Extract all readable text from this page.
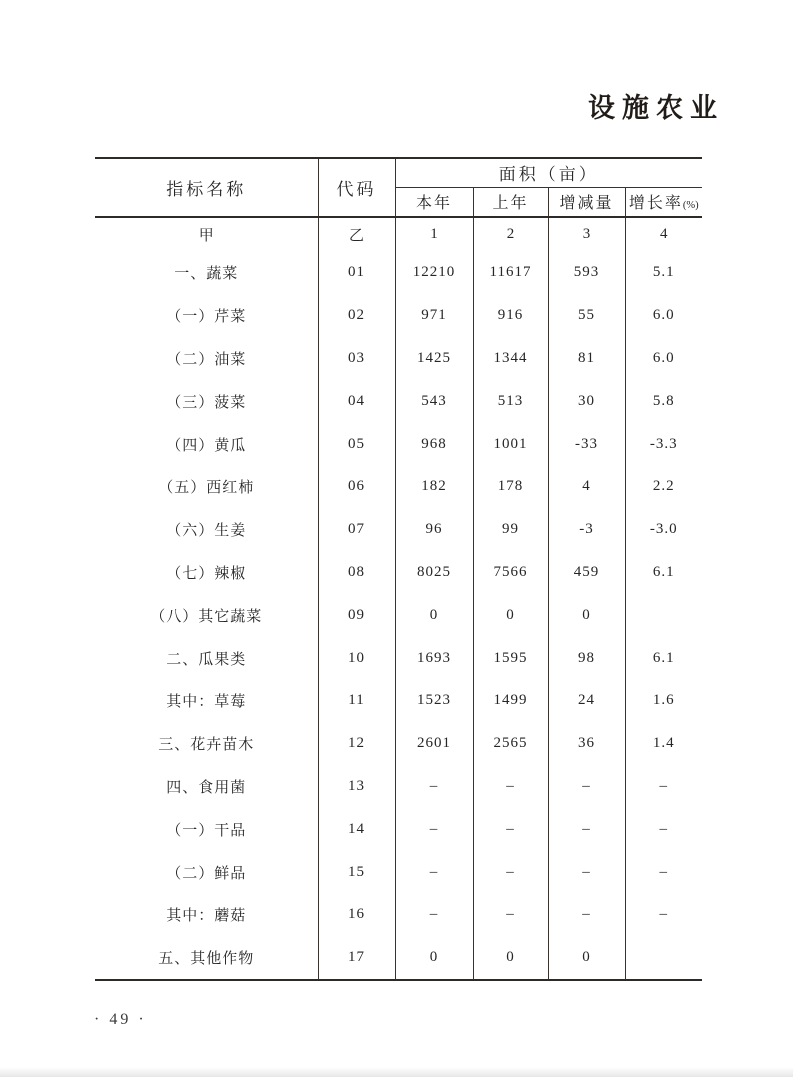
设施农业
指标名称	代码	面积（亩）			
		本年	上年	增减量	增长率(%)
甲	乙	1	2	3	4
一、蔬菜	01	12210	11617	593	5.1
（一）芹菜	02	971	916	55	6.0
（二）油菜	03	1425	1344	81	6.0
（三）菠菜	04	543	513	30	5.8
（四）黄瓜	05	968	1001	-33	-3.3
（五）西红柿	06	182	178	4	2.2
（六）生姜	07	96	99	-3	-3.0
（七）辣椒	08	8025	7566	459	6.1
（八）其它蔬菜	09	0	0	0	
二、瓜果类	10	1693	1595	98	6.1
其中：草莓	11	1523	1499	24	1.6
三、花卉苗木	12	2601	2565	36	1.4
四、食用菌	13	–	–	–	–
（一）干品	14	–	–	–	–
（二）鲜品	15	–	–	–	–
其中：蘑菇	16	–	–	–	–
五、其他作物	17	0	0	0	
· 49 ·
